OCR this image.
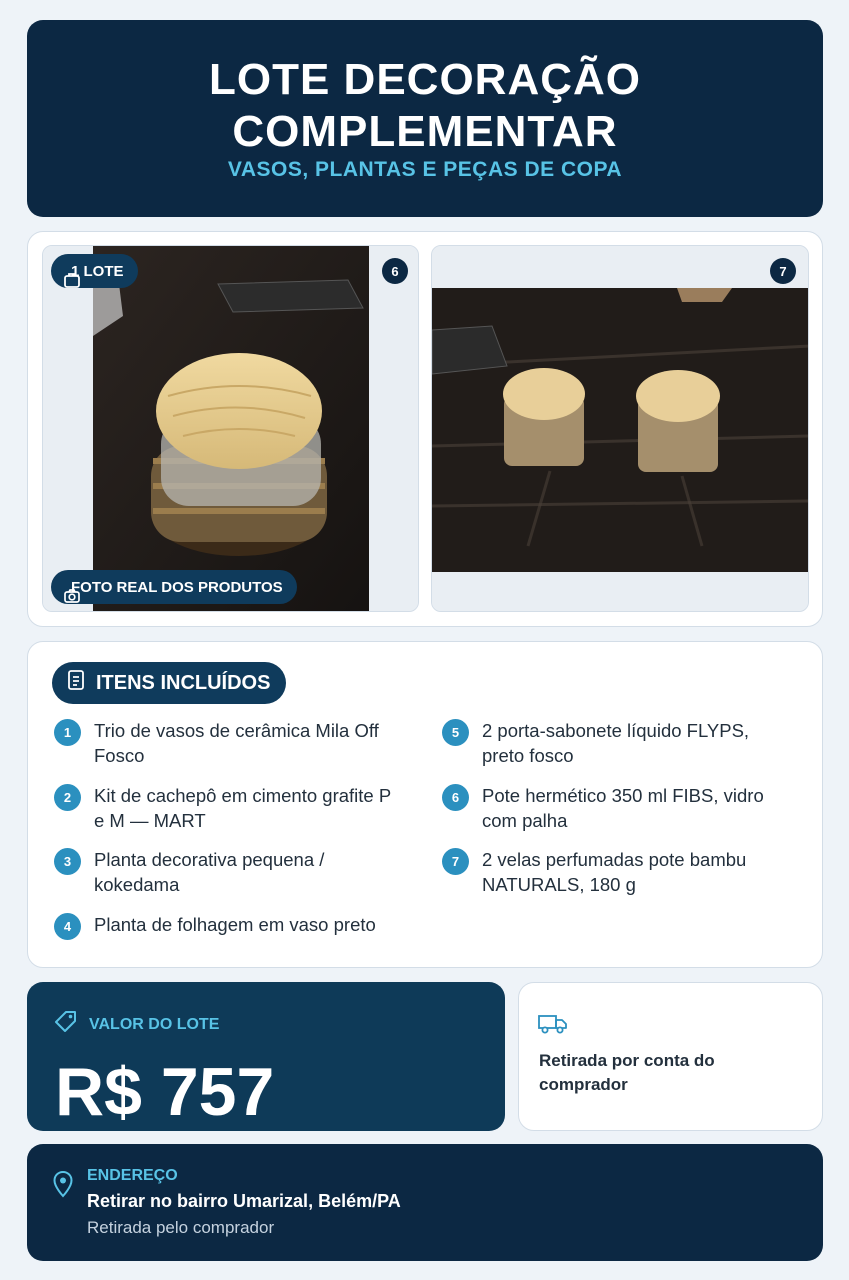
LOTE DECORAÇÃO
COMPLEMENTAR
VASOS, PLANTAS E PEÇAS DE COPA
1 LOTE	6
FOTO REAL DOS PRODUTOS
7
ITENS INCLUÍDOS
1	Trio de vasos de cerâmica Mila Off Fosco
2	Kit de cachepô em cimento grafite P e M — MART
3	Planta decorativa pequena / kokedama
4	Planta de folhagem em vaso preto
5	2 porta-sabonete líquido FLYPS, preto fosco
6	Pote hermético 350 ml FIBS, vidro com palha
7	2 velas perfumadas pote bambu NATURALS, 180 g
VALOR DO LOTE
R$ 757	Retirada por conta do comprador
ENDEREÇO
Retirar no bairro Umarizal, Belém/PA
Retirada pelo comprador
